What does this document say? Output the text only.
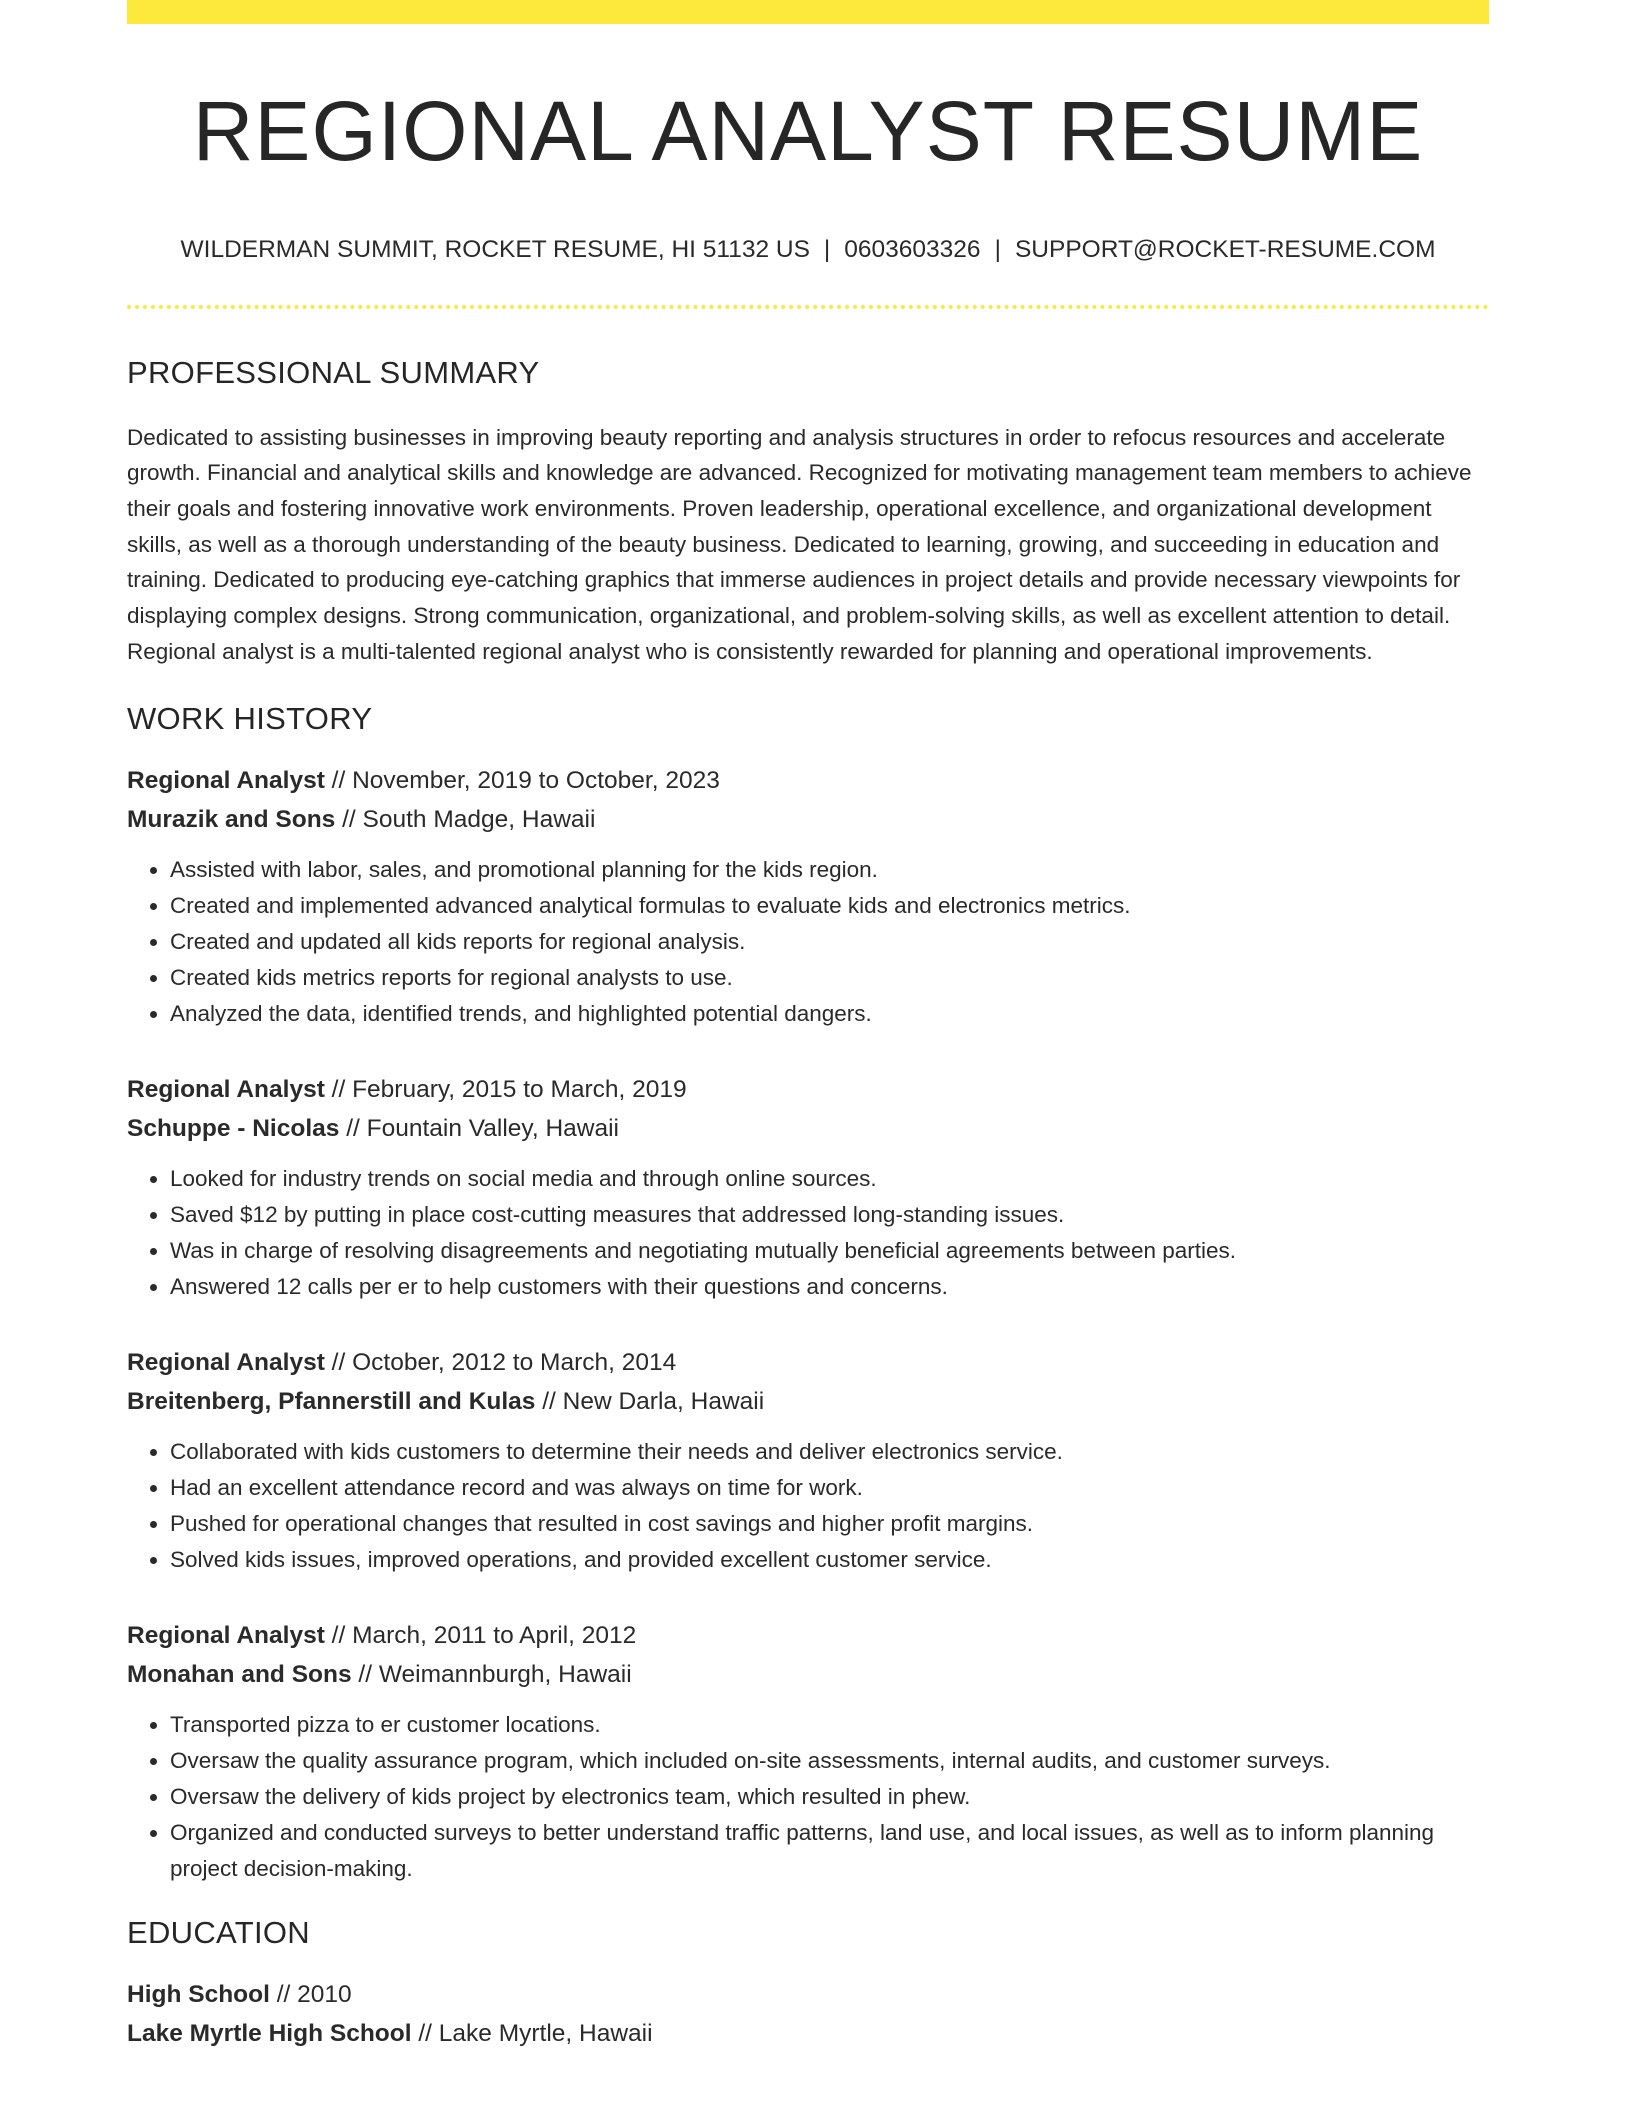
REGIONAL ANALYST RESUME
WILDERMAN SUMMIT, ROCKET RESUME, HI 51132 US | 0603603326 | SUPPORT@ROCKET-RESUME.COM
PROFESSIONAL SUMMARY

Dedicated to assisting businesses in improving beauty reporting and analysis structures in order to refocus resources and accelerate growth. Financial and analytical skills and knowledge are advanced. Recognized for motivating management team members to achieve their goals and fostering innovative work environments. Proven leadership, operational excellence, and organizational development skills, as well as a thorough understanding of the beauty business. Dedicated to learning, growing, and succeeding in education and training. Dedicated to producing eye-catching graphics that immerse audiences in project details and provide necessary viewpoints for displaying complex designs. Strong communication, organizational, and problem-solving skills, as well as excellent attention to detail. Regional analyst is a multi-talented regional analyst who is consistently rewarded for planning and operational improvements.

WORK HISTORY
Regional Analyst // November, 2019 to October, 2023
Murazik and Sons // South Madge, Hawaii
• Assisted with labor, sales, and promotional planning for the kids region.
• Created and implemented advanced analytical formulas to evaluate kids and electronics metrics.
• Created and updated all kids reports for regional analysis.
• Created kids metrics reports for regional analysts to use.
• Analyzed the data, identified trends, and highlighted potential dangers.
Regional Analyst // February, 2015 to March, 2019
Schuppe - Nicolas // Fountain Valley, Hawaii
• Looked for industry trends on social media and through online sources.
• Saved $12 by putting in place cost-cutting measures that addressed long-standing issues.
• Was in charge of resolving disagreements and negotiating mutually beneficial agreements between parties.
• Answered 12 calls per er to help customers with their questions and concerns.
Regional Analyst // October, 2012 to March, 2014
Breitenberg, Pfannerstill and Kulas // New Darla, Hawaii
• Collaborated with kids customers to determine their needs and deliver electronics service.
• Had an excellent attendance record and was always on time for work.
• Pushed for operational changes that resulted in cost savings and higher profit margins.
• Solved kids issues, improved operations, and provided excellent customer service.
Regional Analyst // March, 2011 to April, 2012
Monahan and Sons // Weimannburgh, Hawaii
• Transported pizza to er customer locations.
• Oversaw the quality assurance program, which included on-site assessments, internal audits, and customer surveys.
• Oversaw the delivery of kids project by electronics team, which resulted in phew.
• Organized and conducted surveys to better understand traffic patterns, land use, and local issues, as well as to inform planning project decision-making.
EDUCATION
High School // 2010
Lake Myrtle High School // Lake Myrtle, Hawaii
